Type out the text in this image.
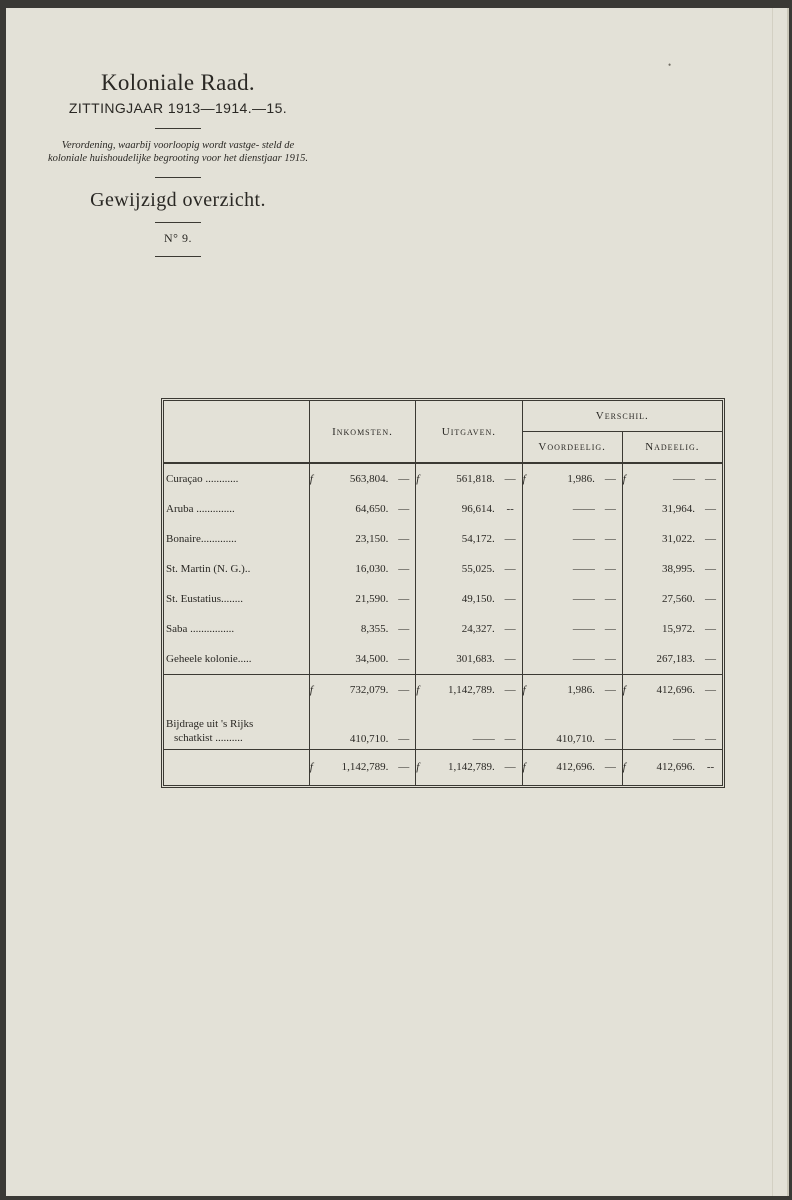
•
Koloniale Raad.
ZITTINGJAAR 1913—1914.—15.
Verordening, waarbij voorloopig wordt vastge- steld de koloniale huishoudelijke begrooting voor het dienstjaar 1915.
Gewijzigd overzicht.
N° 9.
	Inkomsten.			Uitgaven.			Verschil.					
							Voordeelig.			Nadeelig.		
Curaçao ............	f	563,804.	—	f	561,818.	—	f	1,986.	—	f	——	—
Aruba ..............		64,650.	—		96,614.	--		——	—		31,964.	—
Bonaire.............		23,150.	—		54,172.	—		——	—		31,022.	—
St. Martin (N. G.)..		16,030.	—		55,025.	—		——	—		38,995.	—
St. Eustatius........		21,590.	—		49,150.	—		——	—		27,560.	—
Saba ................		8,355.	—		24,327.	—		——	—		15,972.	—
Geheele kolonie.....		34,500.	—		301,683.	—		——	—		267,183.	—
	f	732,079.	—	f	1,142,789.	—	f	1,986.	—	f	412,696.	—
Bijdrage uit 's Rijks
schatkist ..........		410,710.	—		——	—		410,710.	—		——	—
	f	1,142,789.	—	f	1,142,789.	—	f	412,696.	—	f	412,696.	--
